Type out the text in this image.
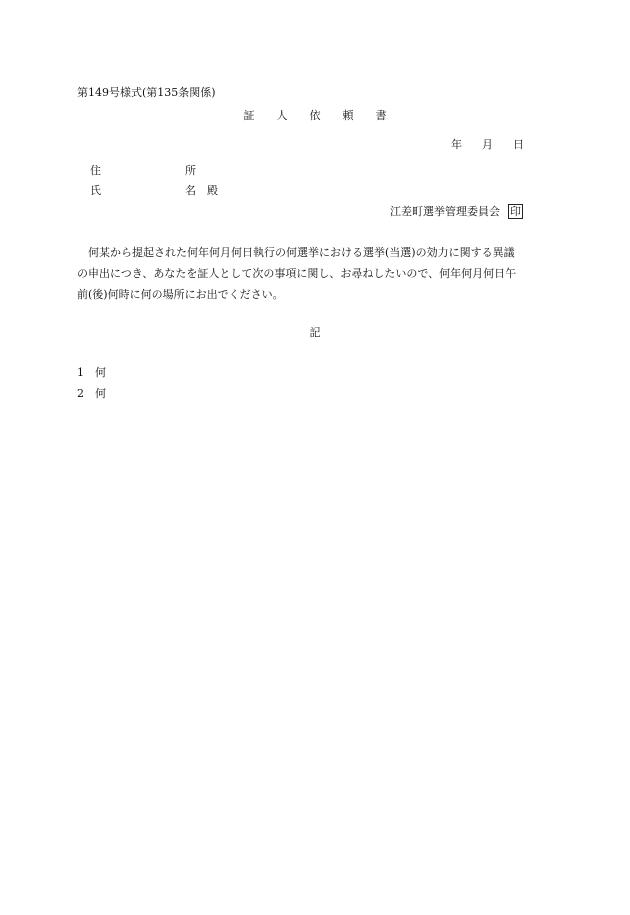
第149号様式(第135条関係)
証 人 依 頼 書
年 月 日
住	所
氏	名 殿
江差町選挙管理委員会 印

　何某から提起された何年何月何日執行の何選挙における選挙(当選)の効力に関する異議

の申出につき、あなたを証人として次の事項に関し、お尋ねしたいので、何年何月何日午

前(後)何時に何の場所にお出でください。

記
1 何
2 何
